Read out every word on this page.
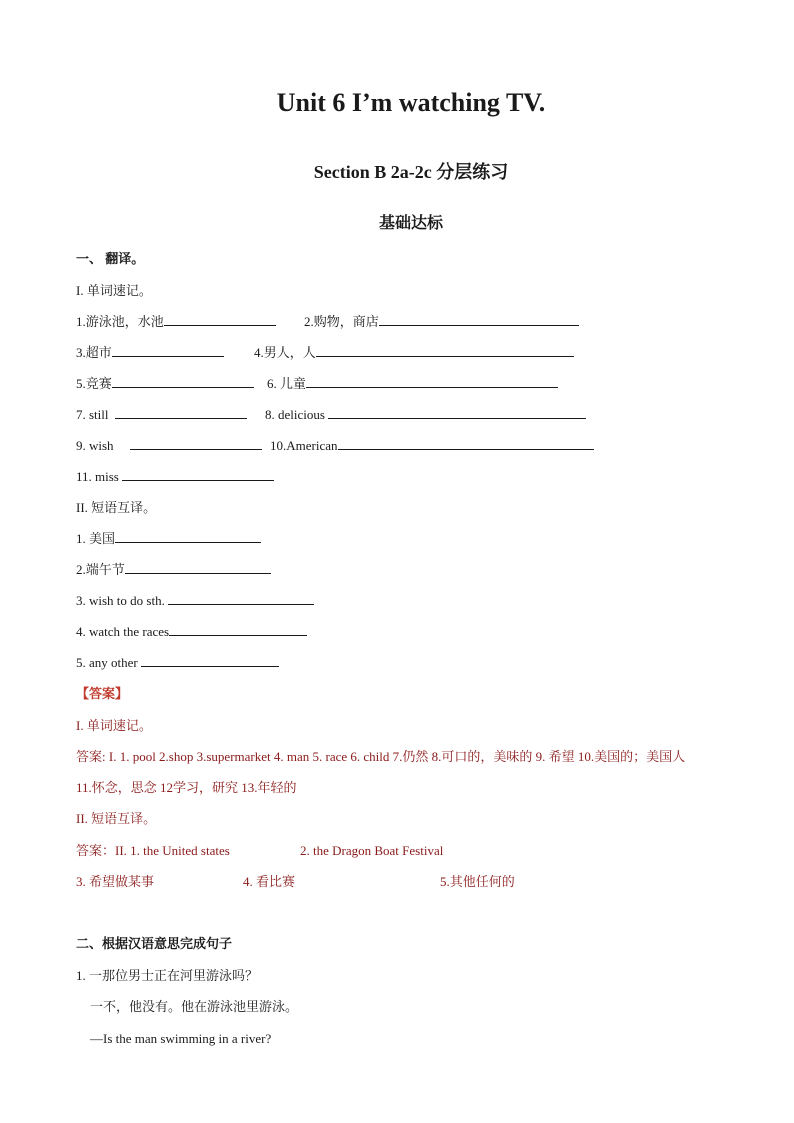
Unit 6 I’m watching TV.
Section B 2a-2c 分层练习
基础达标
一、 翻译。
I. 单词速记。
1.游泳池，水池	2.购物，商店
3.超市	4.男人，人
5.竞赛	6. 儿童
7. still	8. delicious
9. wish	10.American
11. miss
II. 短语互译。
1. 美国
2.端午节
3. wish to do sth.
4. watch the races
5. any other
【答案】
I. 单词速记。
答案: I. 1. pool 2.shop 3.supermarket 4. man 5. race 6. child 7.仍然 8.可口的，美味的 9. 希望 10.美国的；美国人
11.怀念，思念 12学习，研究 13.年轻的
II. 短语互译。
答案：II. 1. the United states	2. the Dragon Boat Festival
3. 希望做某事	4. 看比赛	5.其他任何的
二、根据汉语意思完成句子
1. 一那位男士正在河里游泳吗？
一不，他没有。他在游泳池里游泳。
—Is the man swimming in a river?
